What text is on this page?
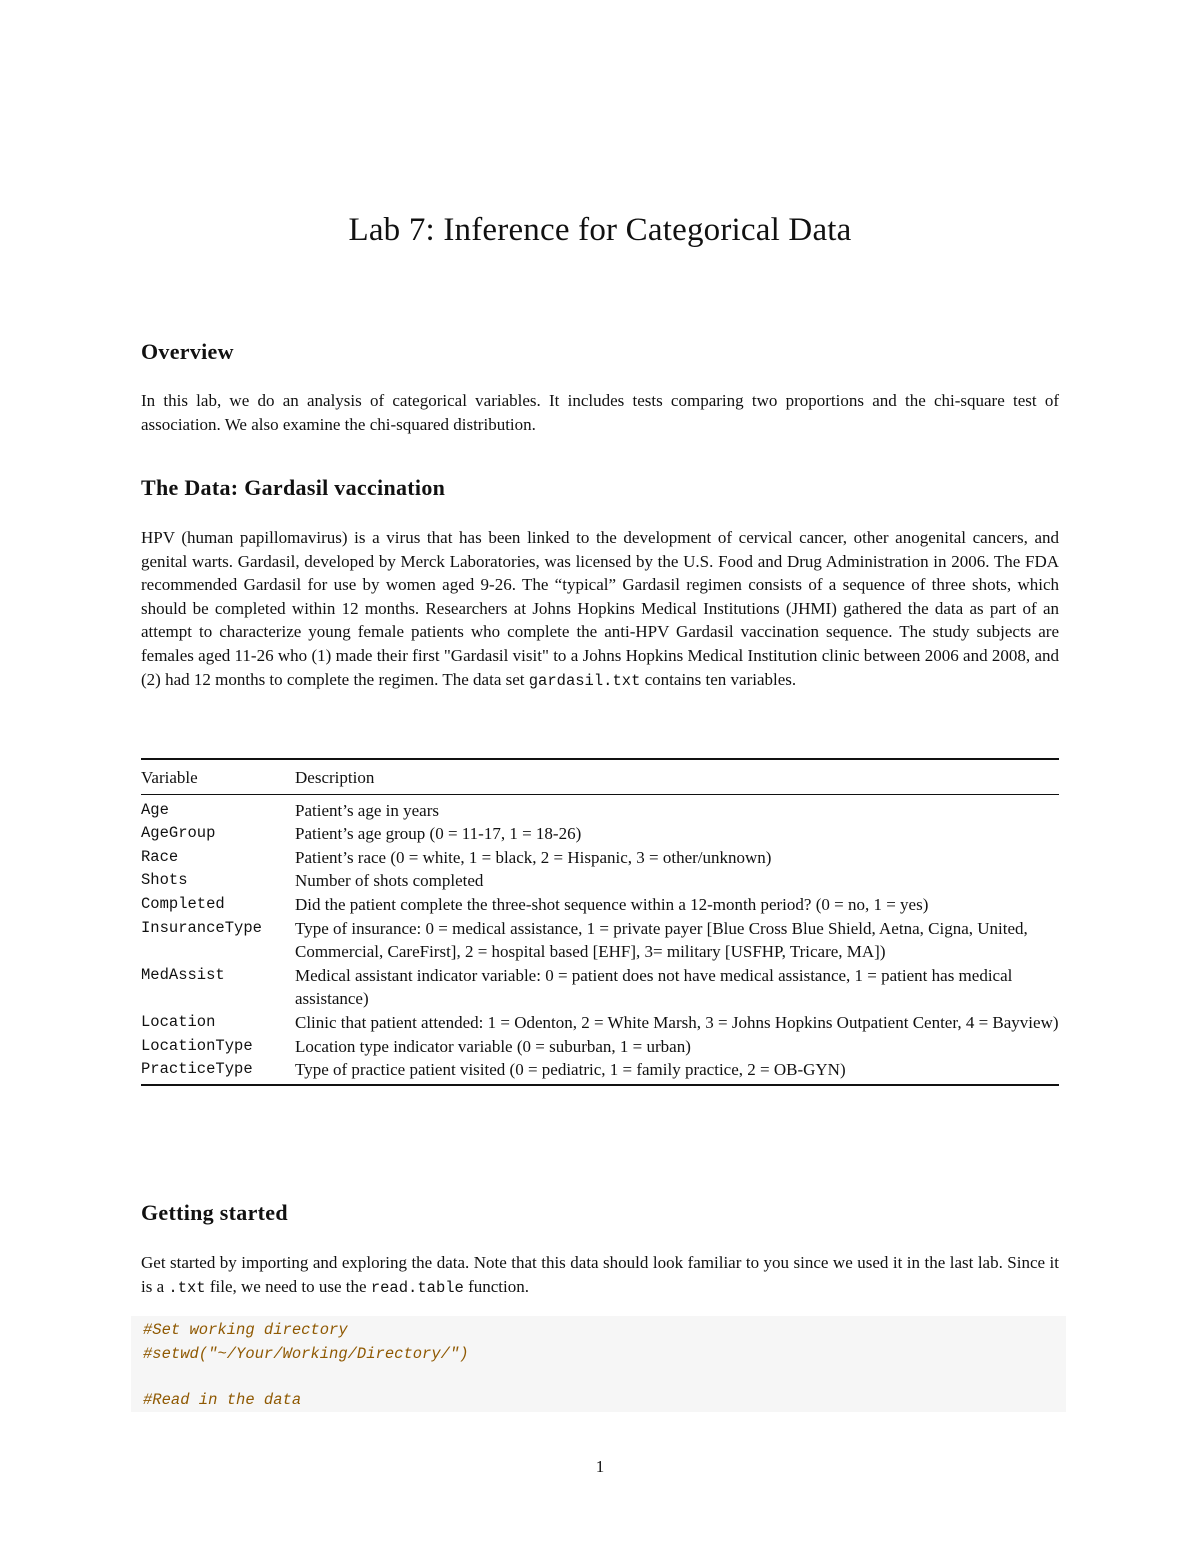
Lab 7: Inference for Categorical Data
Overview
In this lab, we do an analysis of categorical variables. It includes tests comparing two proportions and the chi-square test of association. We also examine the chi-squared distribution.
The Data: Gardasil vaccination
HPV (human papillomavirus) is a virus that has been linked to the development of cervical cancer, other anogenital cancers, and genital warts. Gardasil, developed by Merck Laboratories, was licensed by the U.S. Food and Drug Administration in 2006. The FDA recommended Gardasil for use by women aged 9-26. The “typical” Gardasil regimen consists of a sequence of three shots, which should be completed within 12 months. Researchers at Johns Hopkins Medical Institutions (JHMI) gathered the data as part of an attempt to characterize young female patients who complete the anti-HPV Gardasil vaccination sequence. The study subjects are females aged 11-26 who (1) made their first "Gardasil visit" to a Johns Hopkins Medical Institution clinic between 2006 and 2008, and (2) had 12 months to complete the regimen. The data set gardasil.txt contains ten variables.
Variable	Description
Age	Patient’s age in years
AgeGroup	Patient’s age group (0 = 11-17, 1 = 18-26)
Race	Patient’s race (0 = white, 1 = black, 2 = Hispanic, 3 = other/unknown)
Shots	Number of shots completed
Completed	Did the patient complete the three-shot sequence within a 12-month period? (0 = no, 1 = yes)
InsuranceType	Type of insurance: 0 = medical assistance, 1 = private payer [Blue Cross Blue Shield, Aetna, Cigna, United, Commercial, CareFirst], 2 = hospital based [EHF], 3= military [USFHP, Tricare, MA])
MedAssist	Medical assistant indicator variable: 0 = patient does not have medical assistance, 1 = patient has medical assistance)
Location	Clinic that patient attended: 1 = Odenton, 2 = White Marsh, 3 = Johns Hopkins Outpatient Center, 4 = Bayview)
LocationType	Location type indicator variable (0 = suburban, 1 = urban)
PracticeType	Type of practice patient visited (0 = pediatric, 1 = family practice, 2 = OB-GYN)
Getting started
Get started by importing and exploring the data. Note that this data should look familiar to you since we used it in the last lab. Since it is a .txt file, we need to use the read.table function.
#Set working directory
#setwd("~/Your/Working/Directory/")
#Read in the data
1
